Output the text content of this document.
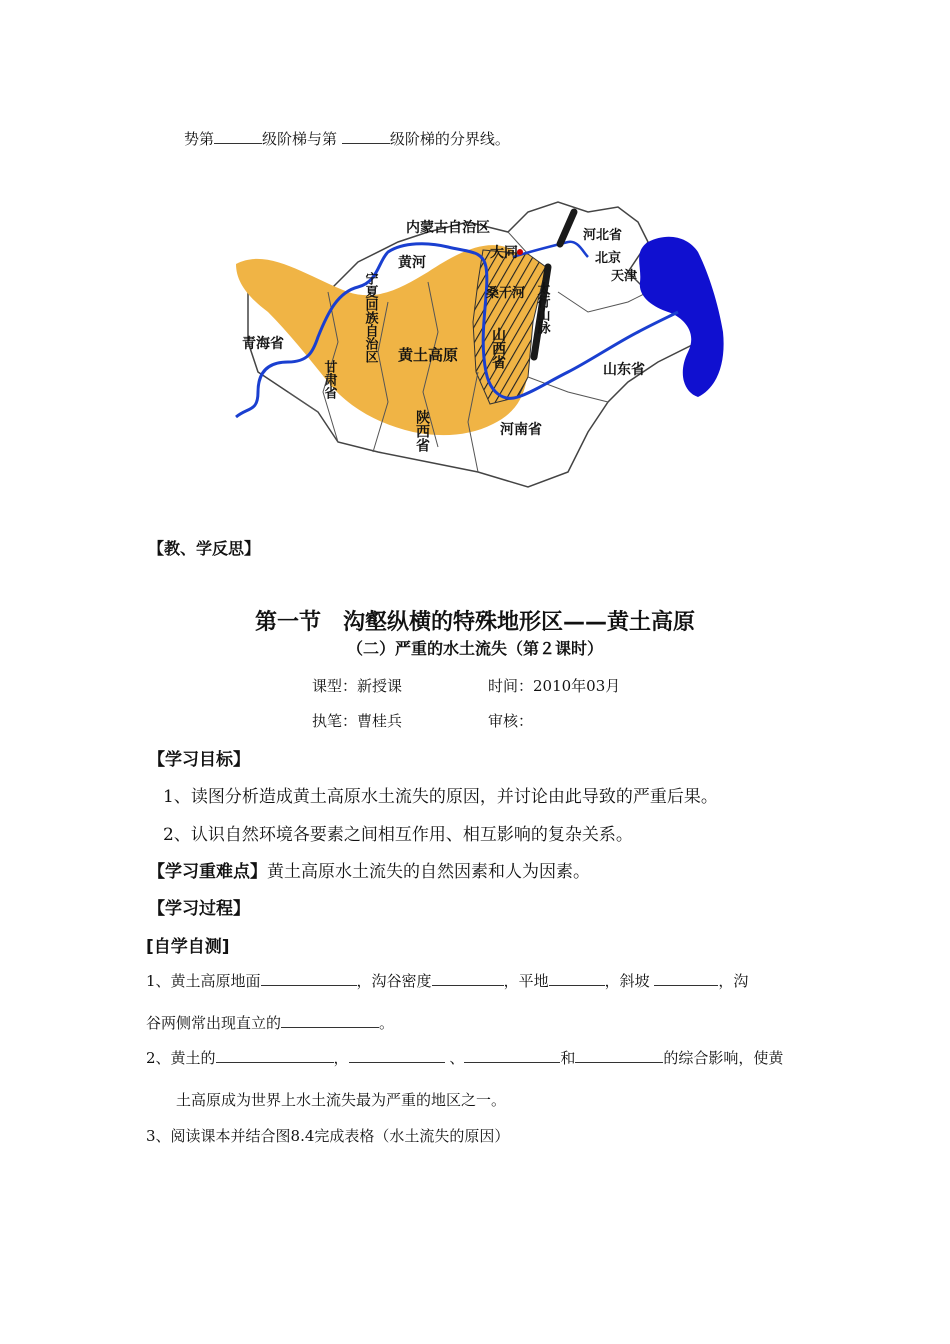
势第	级阶梯与第	级阶梯的分界线。
内蒙古自治区
黄河
大同
河北省
北京
天津
桑干河
青海省
黄土高原
山东省
河南省
宁夏回族自治区	太行山脉
山西省
甘肃省
陕西省
【教、学反思】
第一节　沟壑纵横的特殊地形区——黄土高原
（二）严重的水土流失（第２课时）
课型：新授课	时间：2010年03月
执笔：曹桂兵	审核：
【学习目标】
1、读图分析造成黄土高原水土流失的原因，并讨论由此导致的严重后果。
2、认识自然环境各要素之间相互作用、相互影响的复杂关系。
【学习重难点】黄土高原水土流失的自然因素和人为因素。
【学习过程】
[自学自测]
1、黄土高原地面	，沟谷密度	，平地	，斜坡	，沟
谷两侧常出现直立的	。
2、黄土的	，	、	和	的综合影响，使黄
土高原成为世界上水土流失最为严重的地区之一。
3、阅读课本并结合图8.4完成表格（水土流失的原因）
